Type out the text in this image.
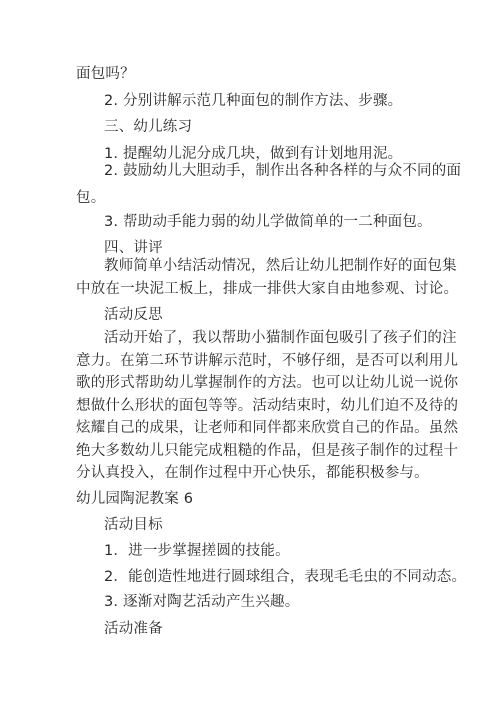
面包吗？
2. 分别讲解示范几种面包的制作方法、步骤。
三、幼儿练习
1. 提醒幼儿泥分成几块，做到有计划地用泥。
2. 鼓励幼儿大胆动手，制作出各种各样的与众不同的面
包。
3. 帮助动手能力弱的幼儿学做简单的一二种面包。
四、讲评
教师简单小结活动情况，然后让幼儿把制作好的面包集
中放在一块泥工板上，排成一排供大家自由地参观、讨论。
活动反思
活动开始了，我以帮助小猫制作面包吸引了孩子们的注
意力。在第二环节讲解示范时，不够仔细，是否可以利用儿
歌的形式帮助幼儿掌握制作的方法。也可以让幼儿说一说你
想做什么形状的面包等等。活动结束时，幼儿们迫不及待的
炫耀自己的成果，让老师和同伴都来欣赏自己的作品。虽然
绝大多数幼儿只能完成粗糙的作品，但是孩子制作的过程十
分认真投入，在制作过程中开心快乐，都能积极参与。
幼儿园陶泥教案 6
活动目标
1．进一步掌握搓圆的技能。
2．能创造性地进行圆球组合，表现毛毛虫的不同动态。
3. 逐渐对陶艺活动产生兴趣。
活动准备
